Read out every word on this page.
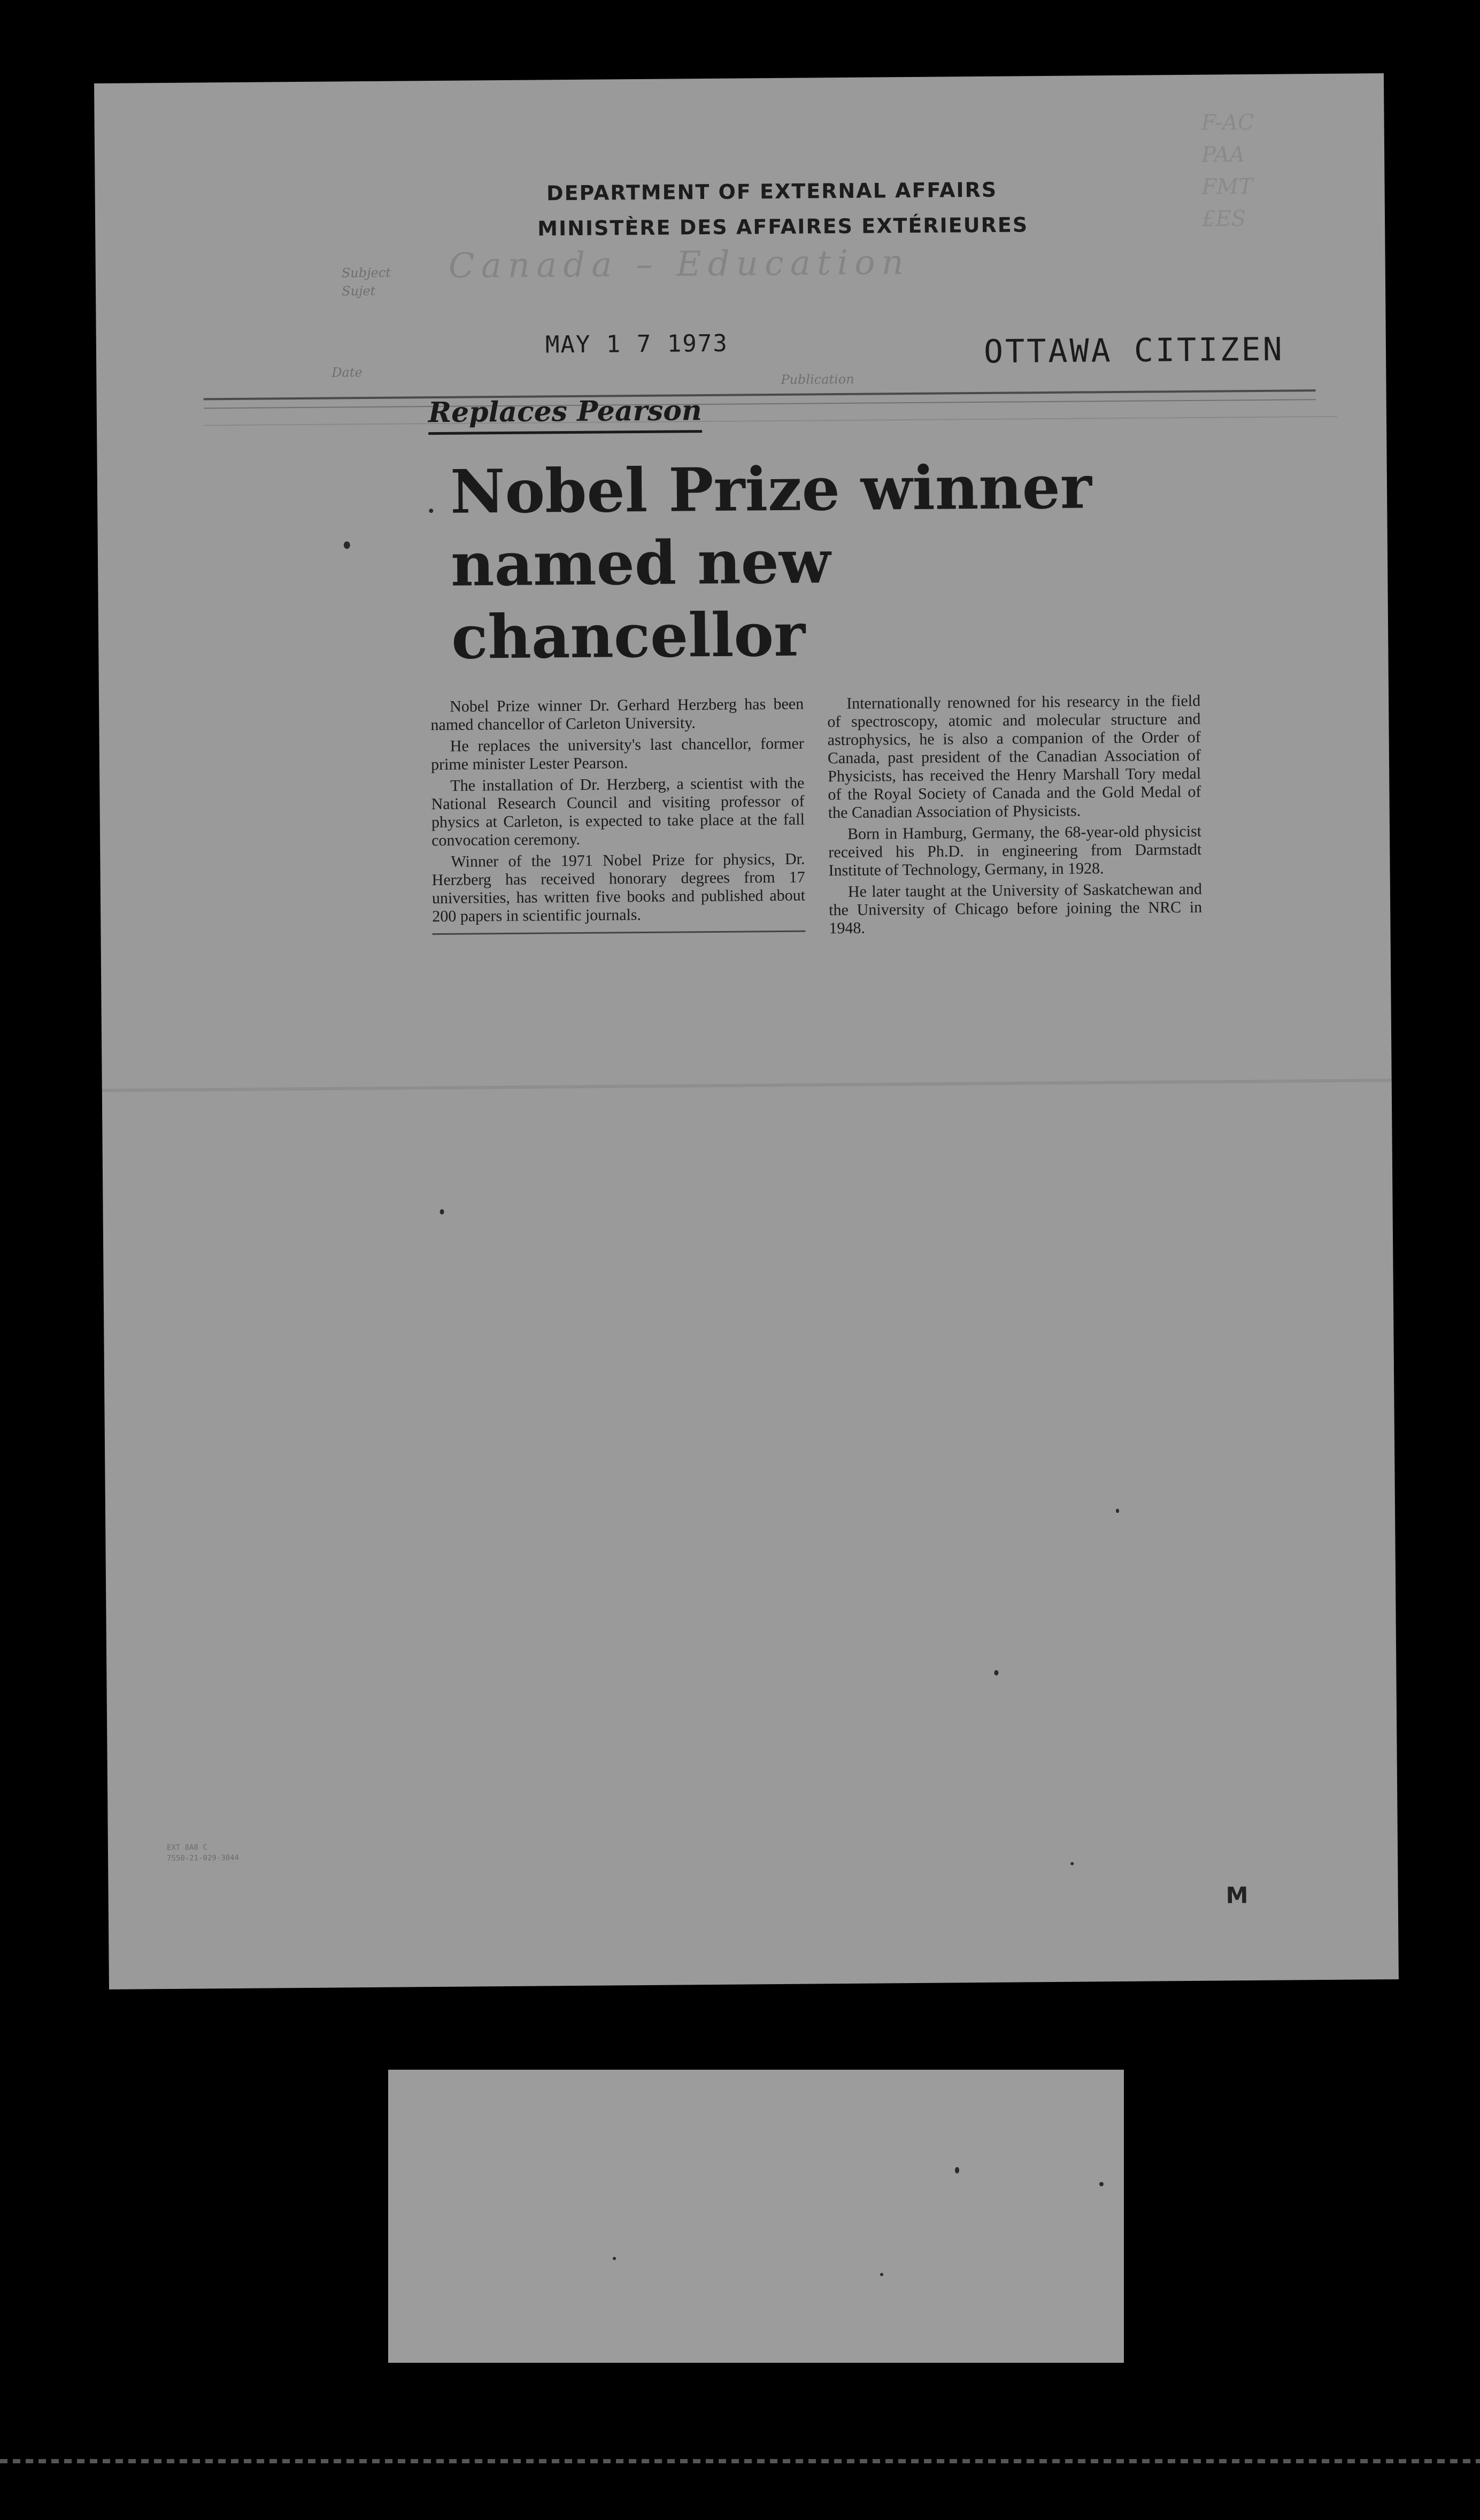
DEPARTMENT OF EXTERNAL AFFAIRS
MINISTÈRE DES AFFAIRES EXTÉRIEURES
F-AC
PAA
FMT
£ES
Subject
Sujet
Canada – Education
Date
MAY 1 7 1973
Publication
OTTAWA CITIZEN
Replaces Pearson
Nobel Prize winner
named new chancellor

Nobel Prize winner Dr. Gerhard Herzberg has been named chancellor of Carleton University.

He replaces the university's last chancellor, former prime minister Lester Pearson.

The installation of Dr. Herzberg, a scientist with the National Research Council and visiting professor of physics at Carleton, is expected to take place at the fall convocation ceremony.

Winner of the 1971 Nobel Prize for physics, Dr. Herzberg has received honorary degrees from 17 universities, has written five books and published about 200 papers in scientific journals.

Internationally renowned for his researcy in the field of spectroscopy, atomic and molecular structure and astrophysics, he is also a companion of the Order of Canada, past president of the Canadian Association of Physicists, has received the Henry Marshall Tory medal of the Royal Society of Canada and the Gold Medal of the Canadian Association of Physicists.

Born in Hamburg, Germany, the 68-year-old physicist received his Ph.D. in engineering from Darmstadt Institute of Technology, Germany, in 1928.

He later taught at the University of Saskatchewan and the University of Chicago before joining the NRC in 1948.

EXT 8A8 C
7550-21-029-3044
M
